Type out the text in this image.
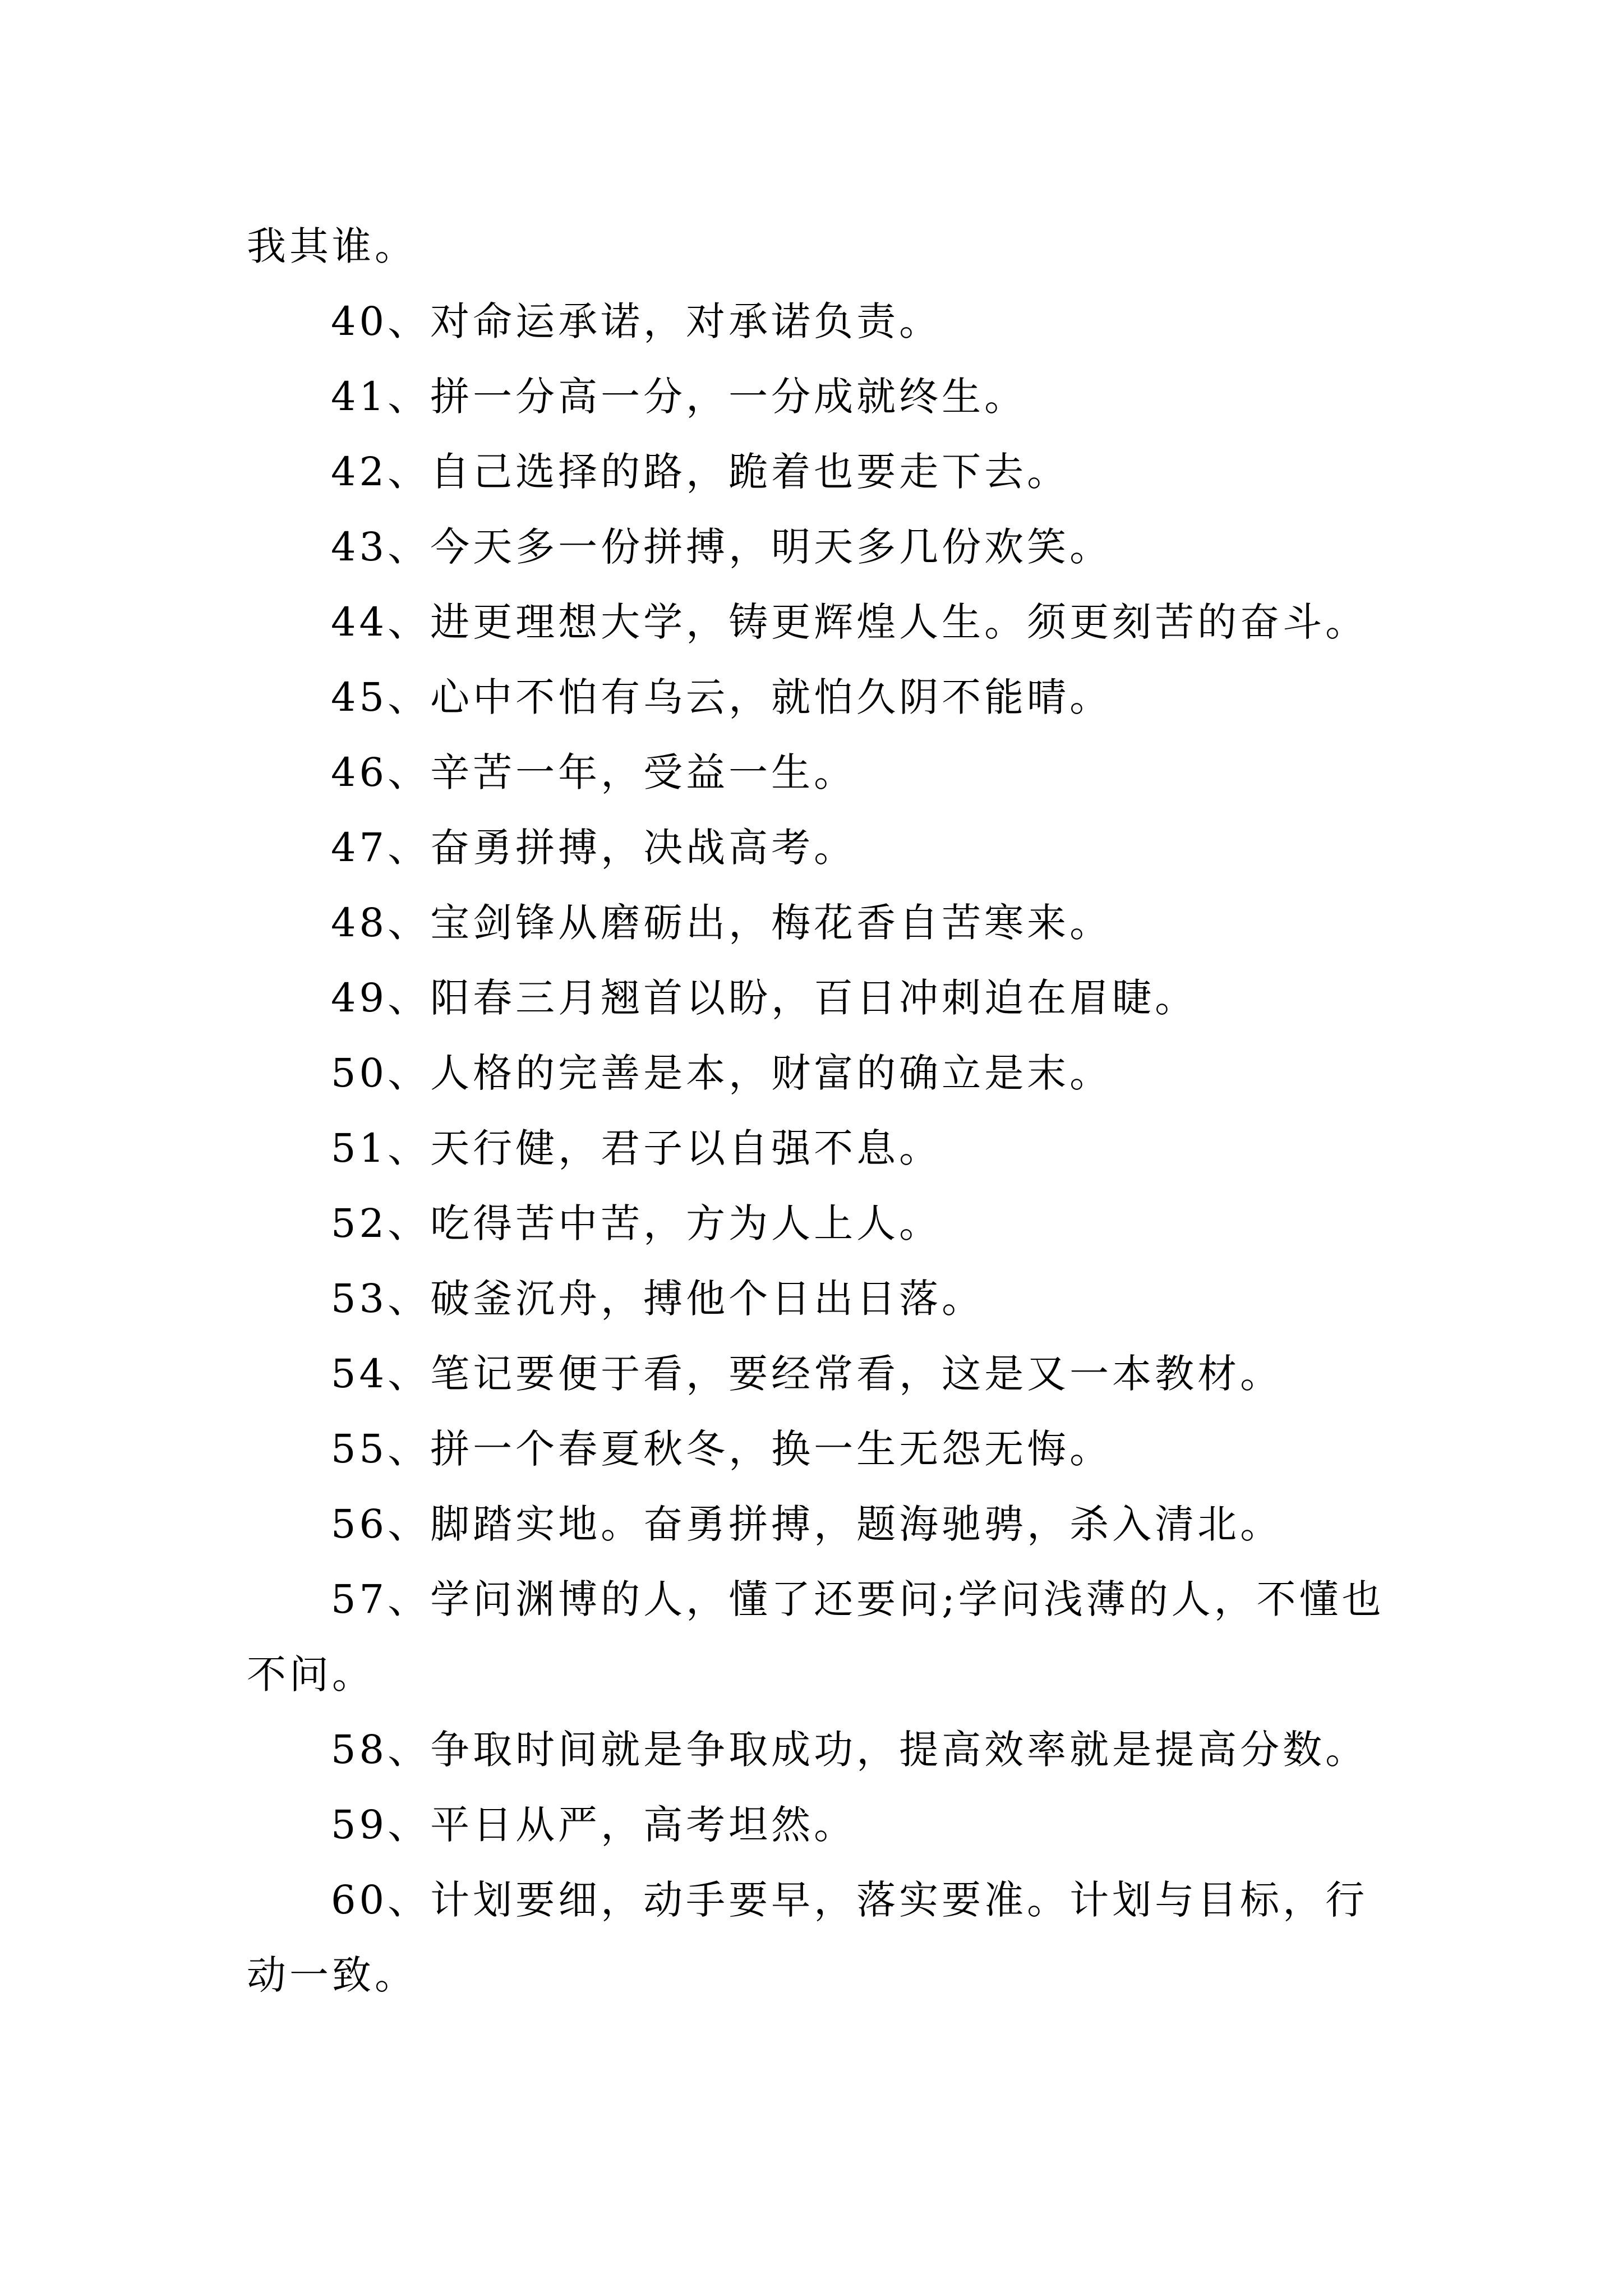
我其谁。

40、对命运承诺，对承诺负责。

41、拼一分高一分，一分成就终生。

42、自己选择的路，跪着也要走下去。

43、今天多一份拼搏，明天多几份欢笑。

44、进更理想大学，铸更辉煌人生。须更刻苦的奋斗。

45、心中不怕有乌云，就怕久阴不能晴。

46、辛苦一年，受益一生。

47、奋勇拼搏，决战高考。

48、宝剑锋从磨砺出，梅花香自苦寒来。

49、阳春三月翘首以盼，百日冲刺迫在眉睫。

50、人格的完善是本，财富的确立是末。

51、天行健，君子以自强不息。

52、吃得苦中苦，方为人上人。

53、破釜沉舟，搏他个日出日落。

54、笔记要便于看，要经常看，这是又一本教材。

55、拼一个春夏秋冬，换一生无怨无悔。

56、脚踏实地。奋勇拼搏，题海驰骋，杀入清北。

57、学问渊博的人，懂了还要问;学问浅薄的人，不懂也不问。

58、争取时间就是争取成功，提高效率就是提高分数。

59、平日从严，高考坦然。

60、计划要细，动手要早，落实要准。计划与目标，行动一致。
